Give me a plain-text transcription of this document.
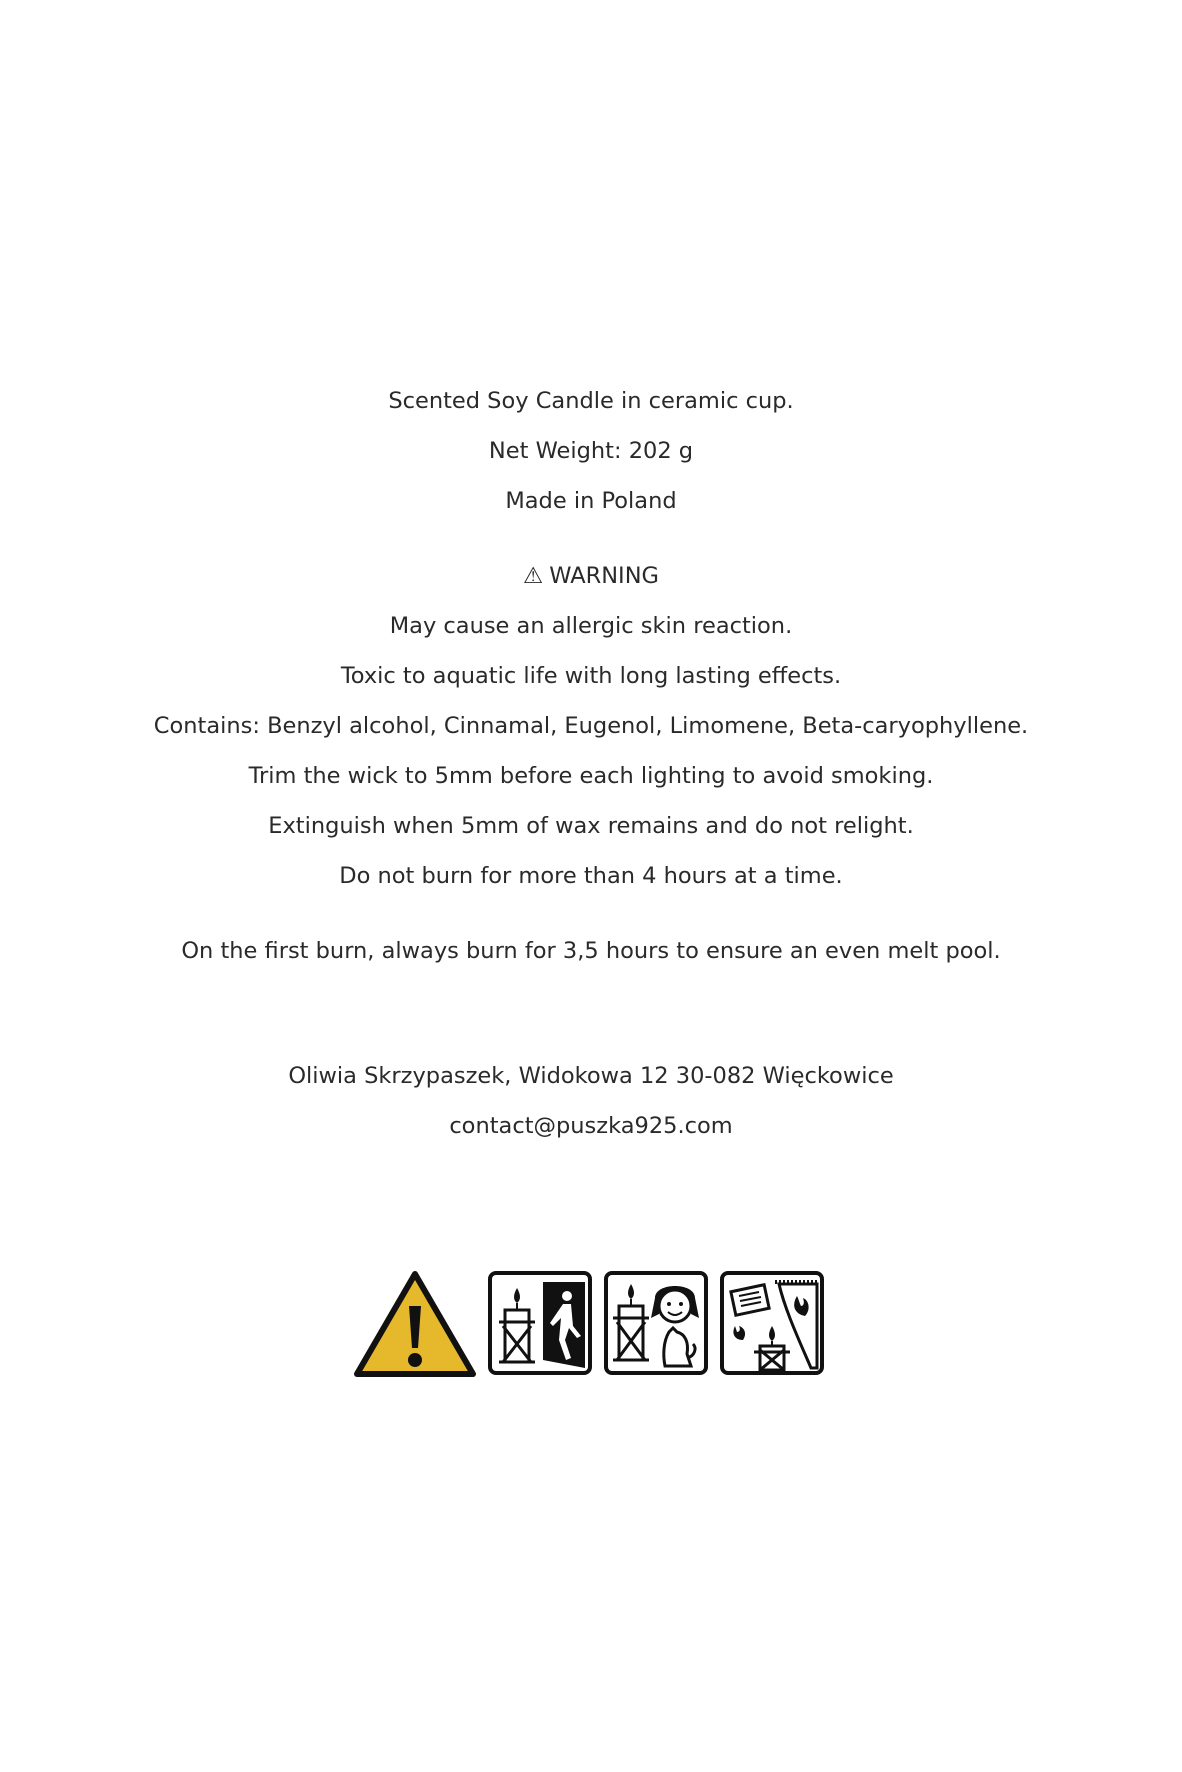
Scented Soy Candle in ceramic cup.
Net Weight: 202 g
Made in Poland
⚠ WARNING
May cause an allergic skin reaction.
Toxic to aquatic life with long lasting effects.
Contains: Benzyl alcohol, Cinnamal, Eugenol, Limomene, Beta-caryophyllene.
Trim the wick to 5mm before each lighting to avoid smoking.
Extinguish when 5mm of wax remains and do not relight.
Do not burn for more than 4 hours at a time.
On the first burn, always burn for 3,5 hours to ensure an even melt pool.
Oliwia Skrzypaszek, Widokowa 12 30-082 Więckowice
contact@puszka925.com
